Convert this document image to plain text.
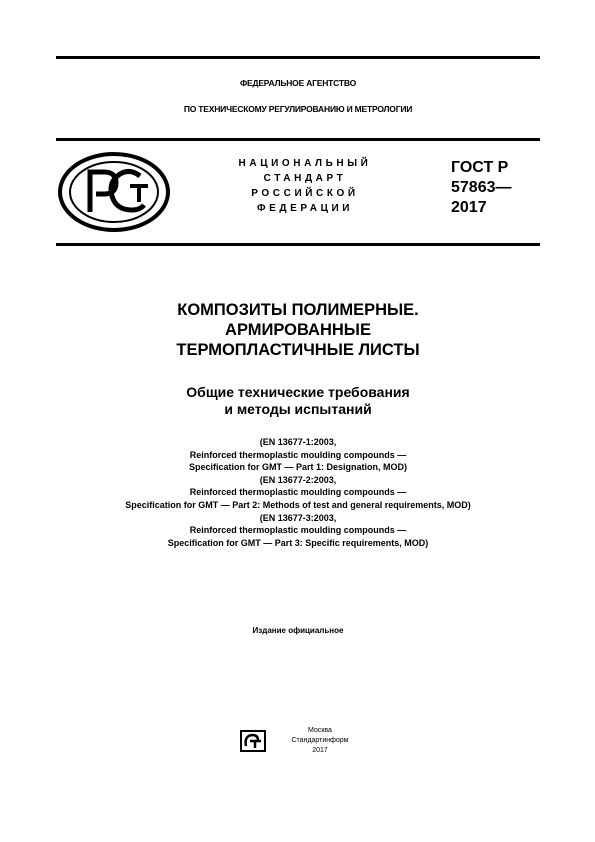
ФЕДЕРАЛЬНОЕ АГЕНТСТВО
ПО ТЕХНИЧЕСКОМУ РЕГУЛИРОВАНИЮ И МЕТРОЛОГИИ
НАЦИОНАЛЬНЫЙ
СТАНДАРТ
РОССИЙСКОЙ
ФЕДЕРАЦИИ
ГОСТ Р
57863—
2017
КОМПОЗИТЫ ПОЛИМЕРНЫЕ.
АРМИРОВАННЫЕ
ТЕРМОПЛАСТИЧНЫЕ ЛИСТЫ
Общие технические требования
и методы испытаний
(EN 13677-1:2003,
Reinforced thermoplastic moulding compounds —
Specification for GMT — Part 1: Designation, MOD)
(EN 13677-2:2003,
Reinforced thermoplastic moulding compounds —
Specification for GMT — Part 2: Methods of test and general requirements, MOD)
(EN 13677-3:2003,
Reinforced thermoplastic moulding compounds —
Specification for GMT — Part 3: Specific requirements, MOD)
Издание официальное
Москва
Стандартинформ
2017
